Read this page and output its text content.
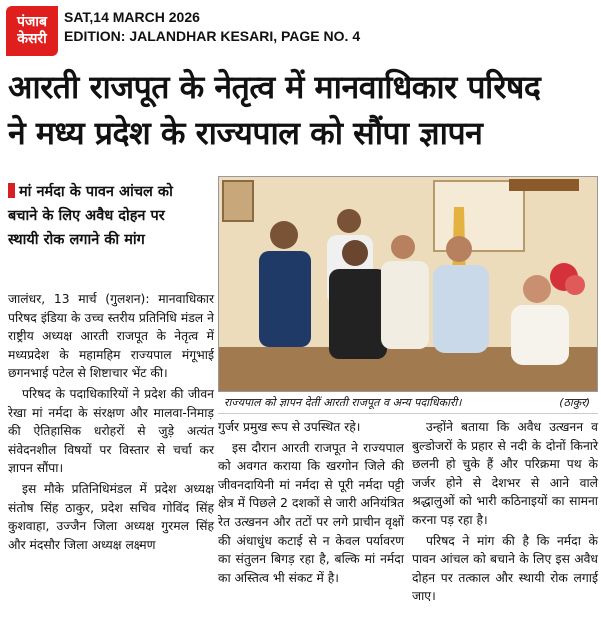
पंजाब
केसरी
SAT,14 MARCH 2026
EDITION: JALANDHAR KESARI, PAGE NO. 4
आरती राजपूत के नेतृत्व में मानवाधिकार परिषद
ने मध्य प्रदेश के राज्यपाल को सौंपा ज्ञापन
मां नर्मदा के पावन आंचल को
बचाने के लिए अवैध दोहन पर
स्थायी रोक लगाने की मांग
राज्यपाल को ज्ञापन देतीं आरती राजपूत व अन्य पदाधिकारी।	(ठाकुर)

जालंधर, 13 मार्च (गुलशन): मानवाधिकार परिषद इंडिया के उच्च स्तरीय प्रतिनिधि मंडल ने राष्ट्रीय अध्यक्ष आरती राजपूत के नेतृत्व में मध्यप्रदेश के महामहिम राज्यपाल मंगूभाई छगनभाई पटेल से शिष्टाचार भेंट की।

परिषद के पदाधिकारियों ने प्रदेश की जीवन रेखा मां नर्मदा के संरक्षण और मालवा-निमाड़ की ऐतिहासिक धरोहरों से जुड़े अत्यंत संवेदनशील विषयों पर विस्तार से चर्चा कर ज्ञापन सौंपा।

इस मौके प्रतिनिधिमंडल में प्रदेश अध्यक्ष संतोष सिंह ठाकुर, प्रदेश सचिव गोविंद सिंह कुशवाहा, उज्जैन जिला अध्यक्ष गुरमल सिंह और मंदसौर जिला अध्यक्ष लक्ष्मण

गुर्जर प्रमुख रूप से उपस्थित रहे।

इस दौरान आरती राजपूत ने राज्यपाल को अवगत कराया कि खरगोन जिले की जीवनदायिनी मां नर्मदा से पूरी नर्मदा पट्टी क्षेत्र में पिछले 2 दशकों से जारी अनियंत्रित रेत उत्खनन और तटों पर लगे प्राचीन वृक्षों की अंधाधुंध कटाई से न केवल पर्यावरण का संतुलन बिगड़ रहा है, बल्कि मां नर्मदा का अस्तित्व भी संकट में है।

उन्होंने बताया कि अवैध उत्खनन व बुल्डोजरों के प्रहार से नदी के दोनों किनारे छलनी हो चुके हैं और परिक्रमा पथ के जर्जर होने से देशभर से आने वाले श्रद्धालुओं को भारी कठिनाइयों का सामना करना पड़ रहा है।

परिषद ने मांग की है कि नर्मदा के पावन आंचल को बचाने के लिए इस अवैध दोहन पर तत्काल और स्थायी रोक लगाई जाए।
